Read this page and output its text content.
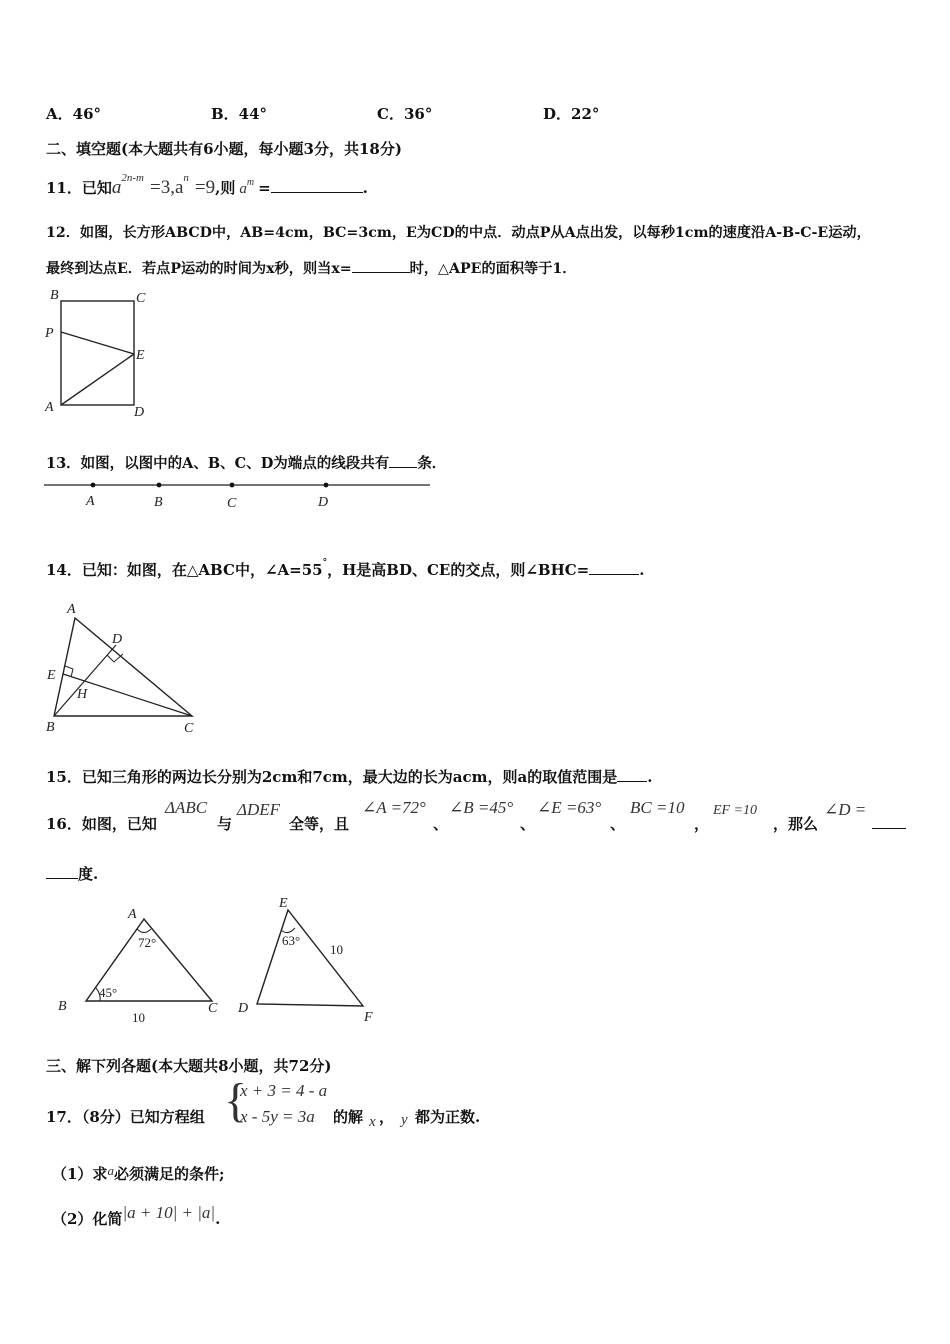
A．46°	B．44°	C．36°	D．22°
二、填空题(本大题共有6小题，每小题3分，共18分)
11．已知$a^{2n-m} =3,a^n =9$,则 $a^m$ =	.
12．如图，长方形ABCD中，AB=4cm，BC=3cm，E为CD的中点．动点P从A点出发，以每秒1cm的速度沿A-B-C-E运动，
最终到达点E．若点P运动的时间为x秒，则当x=	时，△APE的面积等于1．
B	C
P
E
A	D
13．如图，以图中的A、B、C、D为端点的线段共有 条．
A	B	C	D
14．已知：如图，在△ABC中，∠A=55°，H是高BD、CE的交点，则∠BHC=	.
A
D
E
H
B	C
15．已知三角形的两边长分别为2cm和7cm，最大边的长为acm，则a的取值范围是 .
16．如图，已知
ΔABC
与
ΔDEF
全等，且
∠A =72°
、
∠B =45°
、
∠E =63°
、
BC =10
，
EF =10
，那么
∠D =
度.
A
B	C
72°
45°
10
E
D
F
63°
10
三、解下列各题(本大题共8小题，共72分)
17．（8分）已知方程组 {
x + 3 = 4 - a
x - 5y = 3a 的解 x ， y 都为正数.
（1）求$^a$必须满足的条件;
（2）化简|a + 10| + |a|.
